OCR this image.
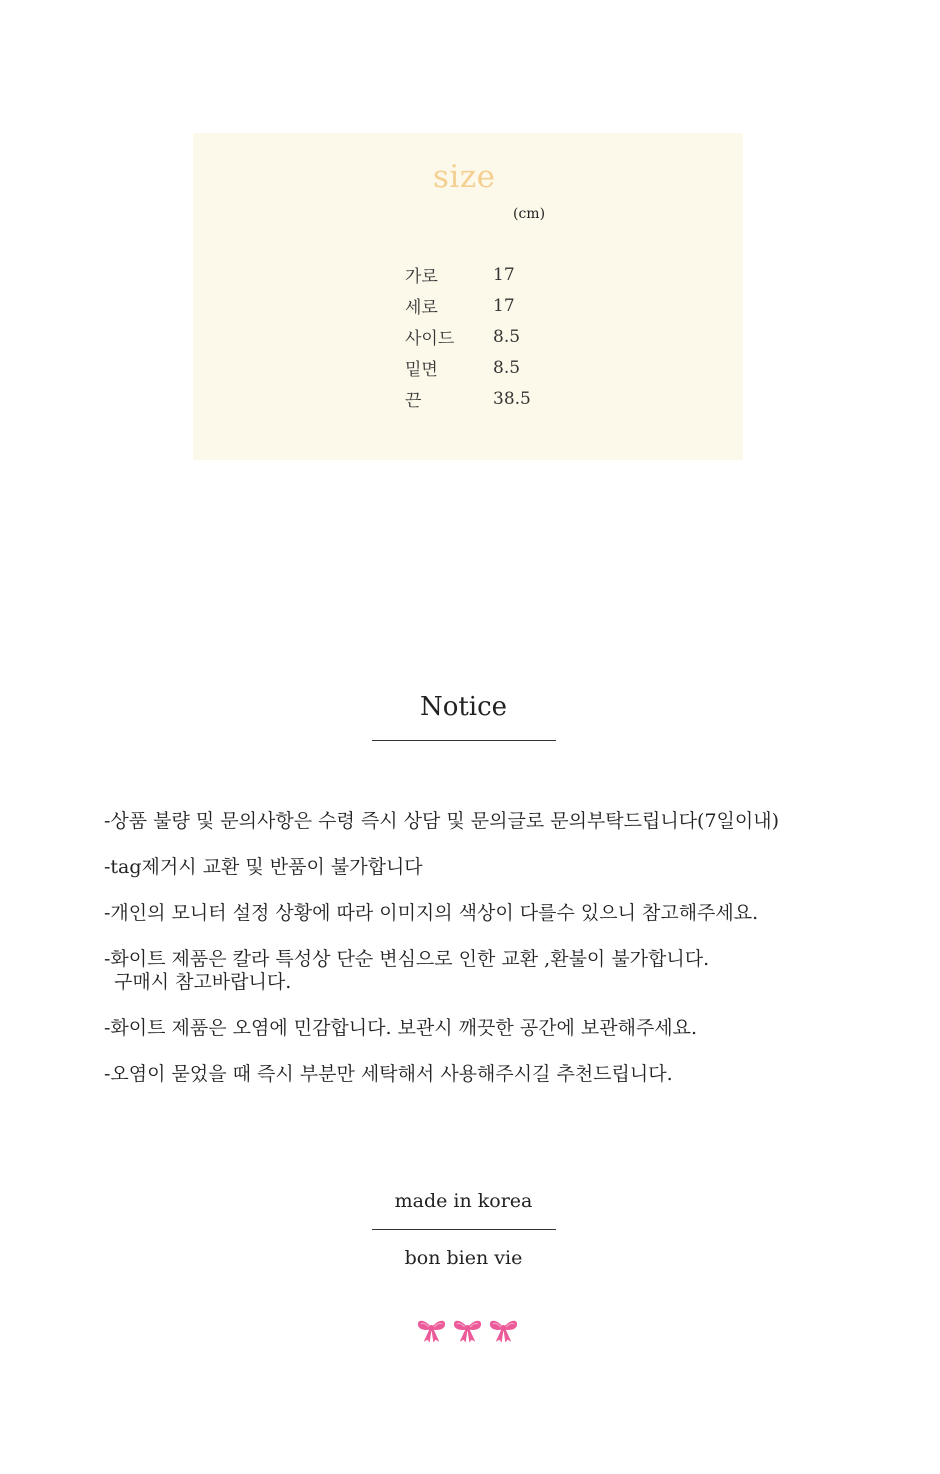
size
(cm)
가로	17
세로	17
사이드	8.5
밑면	8.5
끈	38.5
Notice
-상품 불량 및 문의사항은 수령 즉시 상담 및 문의글로 문의부탁드립니다(7일이내)
-tag제거시 교환 및 반품이 불가합니다
-개인의 모니터 설정 상황에 따라 이미지의 색상이 다를수 있으니 참고해주세요.
-화이트 제품은 칼라 특성상 단순 변심으로 인한 교환 ,환불이 불가합니다.
구매시 참고바랍니다.
-화이트 제품은 오염에 민감합니다. 보관시 깨끗한 공간에 보관해주세요.
-오염이 묻었을 때 즉시 부분만 세탁해서 사용해주시길 추천드립니다.
made in korea
bon bien vie
